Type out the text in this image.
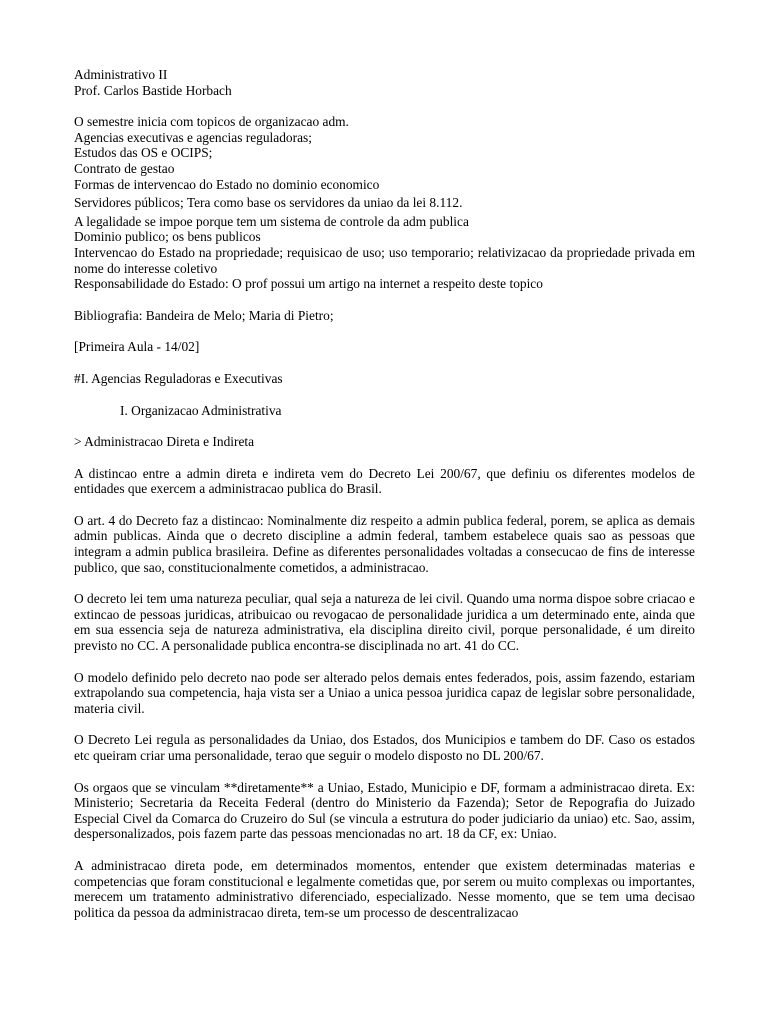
Administrativo II
Prof. Carlos Bastide Horbach
O semestre inicia com topicos de organizacao adm.
Agencias executivas e agencias reguladoras;
Estudos das OS e OCIPS;
Contrato de gestao
Formas de intervencao do Estado no dominio economico
Servidores públicos; Tera como base os servidores da uniao da lei 8.112.
A legalidade se impoe porque tem um sistema de controle da adm publica
Dominio publico; os bens publicos

Intervencao do Estado na propriedade; requisicao de uso; uso temporario; relativizacao da propriedade privada em nome do interesse coletivo

Responsabilidade do Estado: O prof possui um artigo na internet a respeito deste topico
Bibliografia: Bandeira de Melo; Maria di Pietro;
[Primeira Aula - 14/02]
#I. Agencias Reguladoras e Executivas
I. Organizacao Administrativa
> Administracao Direta e Indireta

A distincao entre a admin direta e indireta vem do Decreto Lei 200/67, que definiu os diferentes modelos de entidades que exercem a administracao publica do Brasil.

O art. 4 do Decreto faz a distincao: Nominalmente diz respeito a admin publica federal, porem, se aplica as demais admin publicas. Ainda que o decreto discipline a admin federal, tambem estabelece quais sao as pessoas que integram a admin publica brasileira. Define as diferentes personalidades voltadas a consecucao de fins de interesse publico, que sao, constitucionalmente cometidos, a administracao.

O decreto lei tem uma natureza peculiar, qual seja a natureza de lei civil. Quando uma norma dispoe sobre criacao e extincao de pessoas juridicas, atribuicao ou revogacao de personalidade juridica a um determinado ente, ainda que em sua essencia seja de natureza administrativa, ela disciplina direito civil, porque personalidade, é um direito previsto no CC. A personalidade publica encontra-se disciplinada no art. 41 do CC.

O modelo definido pelo decreto nao pode ser alterado pelos demais entes federados, pois, assim fazendo, estariam extrapolando sua competencia, haja vista ser a Uniao a unica pessoa juridica capaz de legislar sobre personalidade, materia civil.

O Decreto Lei regula as personalidades da Uniao, dos Estados, dos Municipios e tambem do DF. Caso os estados etc queiram criar uma personalidade, terao que seguir o modelo disposto no DL 200/67.

Os orgaos que se vinculam **diretamente** a Uniao, Estado, Municipio e DF, formam a administracao direta. Ex: Ministerio; Secretaria da Receita Federal (dentro do Ministerio da Fazenda); Setor de Repografia do Juizado Especial Civel da Comarca do Cruzeiro do Sul (se vincula a estrutura do poder judiciario da uniao) etc. Sao, assim, despersonalizados, pois fazem parte das pessoas mencionadas no art. 18 da CF, ex: Uniao.

A administracao direta pode, em determinados momentos, entender que existem determinadas materias e competencias que foram constitucional e legalmente cometidas que, por serem ou muito complexas ou importantes, merecem um tratamento administrativo diferenciado, especializado. Nesse momento, que se tem uma decisao politica da pessoa da administracao direta, tem-se um processo de descentralizacao
